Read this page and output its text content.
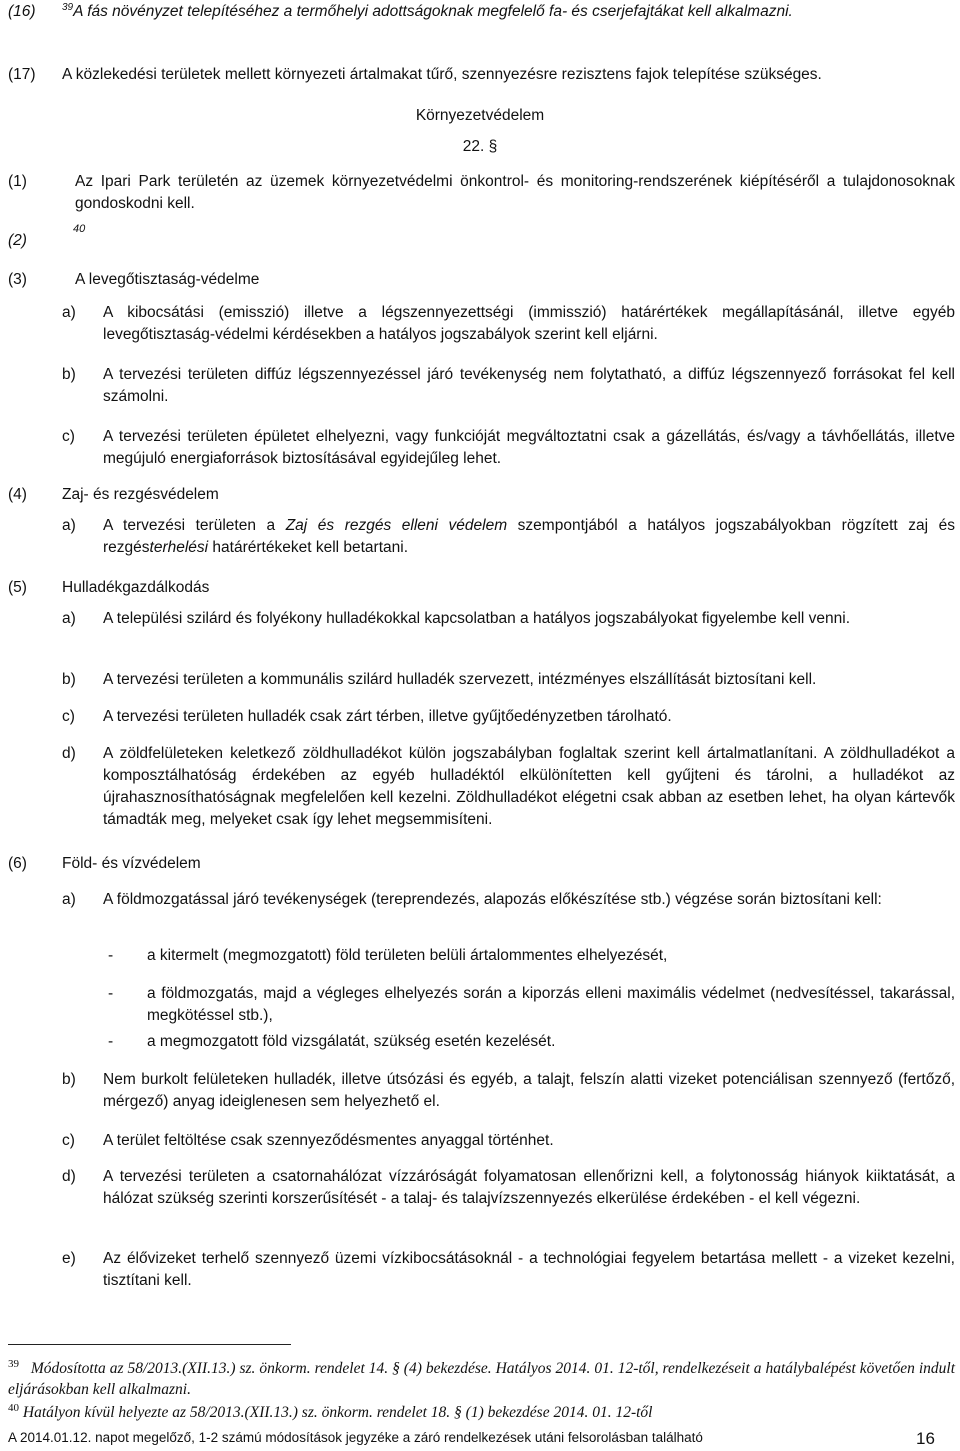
(16)	$^{39}$A fás növényzet telepítéséhez a termőhelyi adottságoknak megfelelő fa- és cserjefajtákat kell alkalmazni.
(17) A közlekedési területek mellett környezeti ártalmakat tűrő, szennyezésre rezisztens fajok telepítése szükséges.
Környezetvédelem
22. §
(1)	Az Ipari Park területén az üzemek környezetvédelmi önkontrol- és monitoring-rendszerének kiépítéséről a tulajdonosoknak gondoskodni kell.
(2)
40
(3)	A levegőtisztaság-védelme
a) A kibocsátási (emisszió) illetve a légszennyezettségi (immisszió) határértékek megállapításánál, illetve egyéb levegőtisztaság-védelmi kérdésekben a hatályos jogszabályok szerint kell eljárni.
b) A tervezési területen diffúz légszennyezéssel járó tevékenység nem folytatható, a diffúz légszennyező forrásokat fel kell számolni.
c) A tervezési területen épületet elhelyezni, vagy funkcióját megváltoztatni csak a gázellátás, és/vagy a távhőellátás, illetve megújuló energiaforrások biztosításával egyidejűleg lehet.
(4) Zaj- és rezgésvédelem
a) A tervezési területen a Zaj és rezgés elleni védelem szempontjából a hatályos jogszabályokban rögzített zaj és rezgésterhelési határértékeket kell betartani.
(5) Hulladékgazdálkodás
a) A települési szilárd és folyékony hulladékokkal kapcsolatban a hatályos jogszabályokat figyelembe kell venni.
b) A tervezési területen a kommunális szilárd hulladék szervezett, intézményes elszállítását biztosítani kell.
c) A tervezési területen hulladék csak zárt térben, illetve gyűjtőedényzetben tárolható.
d) A zöldfelületeken keletkező zöldhulladékot külön jogszabályban foglaltak szerint kell ártalmatlanítani. A zöldhulladékot a komposztálhatóság érdekében az egyéb hulladéktól elkülönítetten kell gyűjteni és tárolni, a hulladékot az újrahasznosíthatóságnak megfelelően kell kezelni. Zöldhulladékot elégetni csak abban az esetben lehet, ha olyan kártevők támadták meg, melyeket csak így lehet megsemmisíteni.
(6) Föld- és vízvédelem
a) A földmozgatással járó tevékenységek (tereprendezés, alapozás előkészítése stb.) végzése során biztosítani kell:
- a kitermelt (megmozgatott) föld területen belüli ártalommentes elhelyezését,
- a földmozgatás, majd a végleges elhelyezés során a kiporzás elleni maximális védelmet (nedvesítéssel, takarással, megkötéssel stb.),
- a megmozgatott föld vizsgálatát, szükség esetén kezelését.
b) Nem burkolt felületeken hulladék, illetve útsózási és egyéb, a talajt, felszín alatti vizeket potenciálisan szennyező (fertőző, mérgező) anyag ideiglenesen sem helyezhető el.
c) A terület feltöltése csak szennyeződésmentes anyaggal történhet.
d) A tervezési területen a csatornahálózat vízzáróságát folyamatosan ellenőrizni kell, a folytonosság hiányok kiiktatását, a hálózat szükség szerinti korszerűsítését - a talaj- és talajvízszennyezés elkerülése érdekében - el kell végezni.
e) Az élővizeket terhelő szennyező üzemi vízkibocsátásoknál - a technológiai fegyelem betartása mellett - a vizeket kezelni, tisztítani kell.
$^{39}$ Módosította az 58/2013.(XII.13.) sz. önkorm. rendelet 14. § (4) bekezdése. Hatályos 2014. 01. 12-től, rendelkezéseit a hatálybalépést követően indult eljárásokban kell alkalmazni.
$^{40}$ Hatályon kívül helyezte az 58/2013.(XII.13.) sz. önkorm. rendelet 18. § (1) bekezdése 2014. 01. 12-től
A 2014.01.12. napot megelőző, 1-2 számú módosítások jegyzéke a záró rendelkezések utáni felsorolásban található	16
